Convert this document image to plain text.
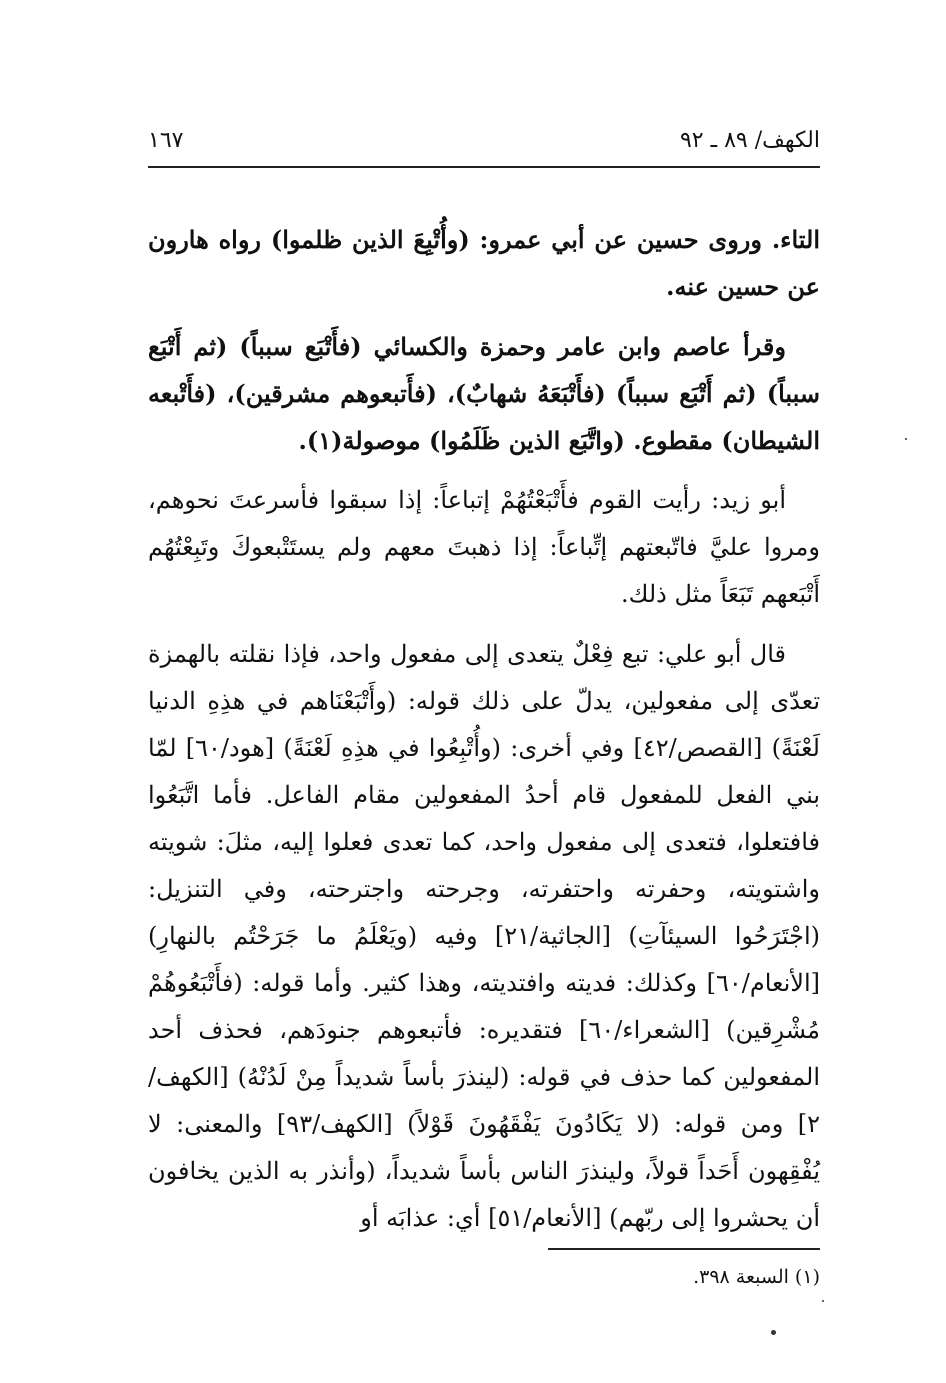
الكهف/ ٨٩ ـ ٩٢
١٦٧

التاء. وروى حسين عن أبي عمرو: (وأُتْبِعَ الذين ظلموا) رواه هارون عن حسين عنه.

وقرأ عاصم وابن عامر وحمزة والكسائي (فأَتْبَع سبباً) (ثم أَتْبَع سبباً) (ثم أَتْبَع سبباً) (فأَتْبَعَهُ شهابٌ)، (فأَتبعوهم مشرقين)، (فأَتْبعه الشيطان) مقطوع. (واتَّبَع الذين ظَلَمُوا) موصولة(١).

أبو زيد: رأيت القوم فأَتْبَعْتُهُمْ إتباعاً: إذا سبقوا فأسرعتَ نحوهم، ومروا عليَّ فاتّبعتهم إتِّباعاً: إذا ذهبتَ معهم ولم يستَتْبعوكَ وتَبِعْتُهُم أَتْبَعهم تَبَعَاً مثل ذلك.

قال أبو علي: تبع فِعْلٌ يتعدى إلى مفعول واحد، فإذا نقلته بالهمزة تعدّى إلى مفعولين، يدلّ على ذلك قوله: (وأَتْبَعْنَاهم في هذِهِ الدنيا لَعْنَةً) [القصص/٤٢] وفي أخرى: (وأُتْبِعُوا في هذِهِ لَعْنَةً) [هود/٦٠] لمّا بني الفعل للمفعول قام أحدُ المفعولين مقام الفاعل. فأما اتَّبَعُوا فافتعلوا، فتعدى إلى مفعول واحد، كما تعدى فعلوا إليه، مثلَ: شويته واشتويته، وحفرته واحتفرته، وجرحته واجترحته، وفي التنزيل: (اجْتَرَحُوا السيئآتِ) [الجاثية/٢١] وفيه (ويَعْلَمُ ما جَرَحْتُم بالنهارِ) [الأنعام/٦٠] وكذلك: فديته وافتديته، وهذا كثير. وأما قوله: (فأَتْبَعُوهُمْ مُشْرِقين) [الشعراء/٦٠] فتقديره: فأتبعوهم جنودَهم، فحذف أحد المفعولين كما حذف في قوله: (لينذرَ بأساً شديداً مِنْ لَدُنْهُ) [الكهف/٢] ومن قوله: (لا يَكَادُونَ يَفْقَهُونَ قَوْلاً) [الكهف/٩٣] والمعنى: لا يُفْقِهون أَحَداً قولاً، ولينذرَ الناس بأساً شديداً، (وأنذر به الذين يخافون أن يحشروا إلى ربّهم) [الأنعام/٥١] أي: عذابَه أو

(١) السبعة ٣٩٨.
